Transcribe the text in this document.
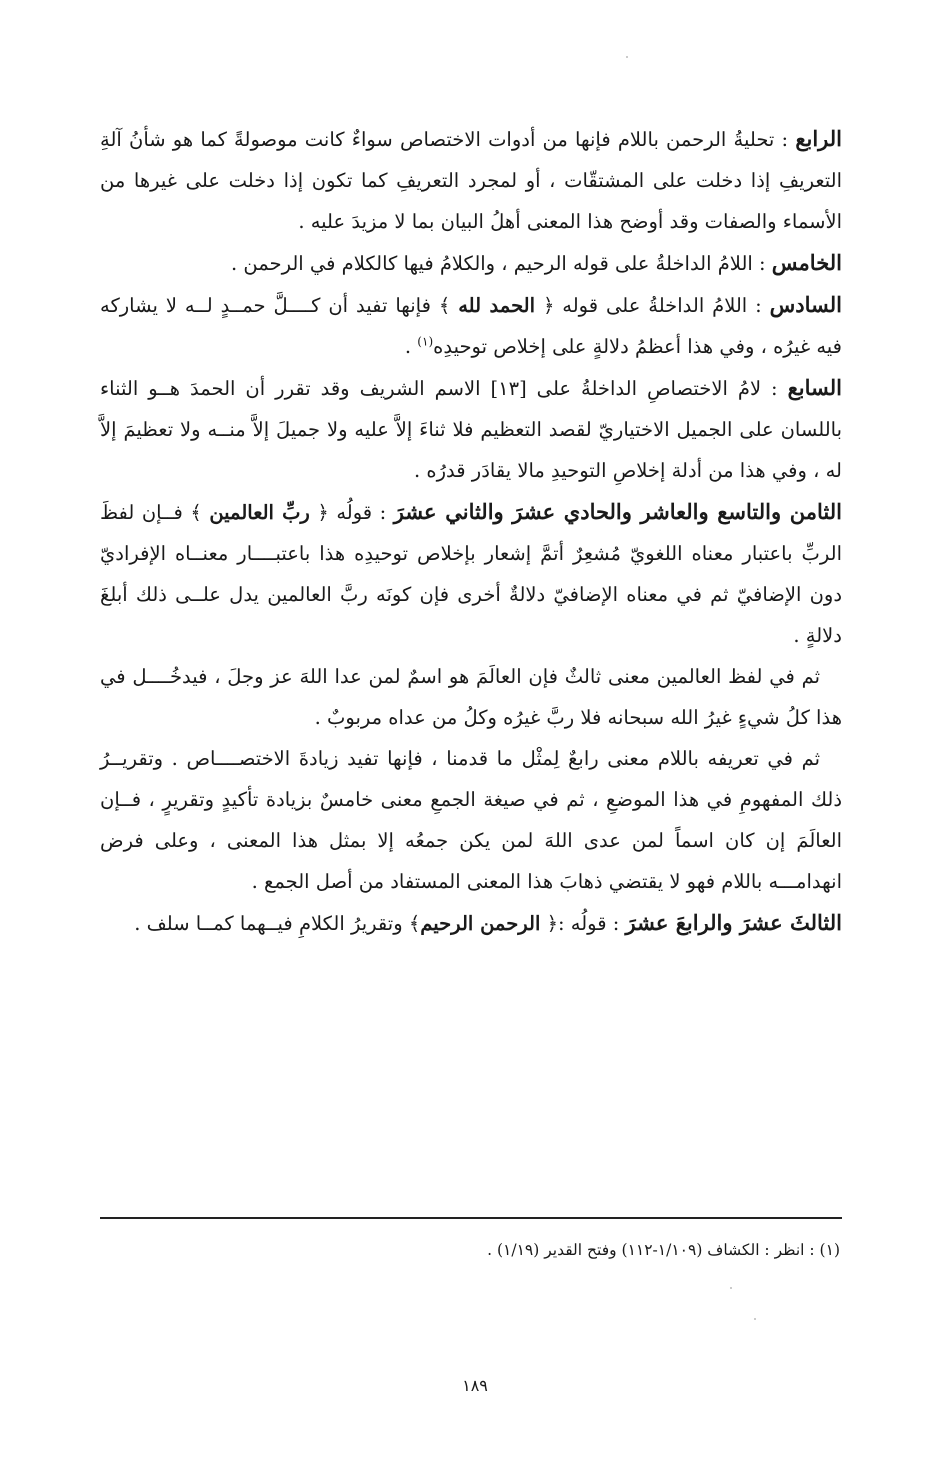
الرابع : تحليةُ الرحمن باللام فإنها من أدوات الاختصاص سواءٌ كانت موصولةً كما هو شأنُ آلةِ التعريفِ إذا دخلت على المشتقّات ، أو لمجرد التعريفِ كما تكون إذا دخلت على غيرها من الأسماء والصفات وقد أوضح هذا المعنى أهلُ البيان بما لا مزيدَ عليه .

الخامس : اللامُ الداخلةُ على قوله الرحيم ، والكلامُ فيها كالكلام في الرحمن .

السادس : اللامُ الداخلةُ على قوله ﴿ الحمد لله ﴾ فإنها تفيد أن كــــلَّ حمــدٍ لــه لا يشاركه فيه غيرُه ، وفي هذا أعظمُ دلالةٍ على إخلاص توحيدِه$^{(١)}$ .

السابع : لامُ الاختصاصِ الداخلةُ على [١٣] الاسم الشريف وقد تقرر أن الحمدَ هــو الثناء باللسان على الجميل الاختياريّ لقصد التعظيم فلا ثناءَ إلاَّ عليه ولا جميلَ إلاَّ منــه ولا تعظيمَ إلاَّ له ، وفي هذا من أدلة إخلاصِ التوحيدِ مالا يقادَر قدرُه .

الثامن والتاسع والعاشر والحادي عشرَ والثاني عشرَ : قولُه ﴿ ربِّ العالمين ﴾ فــإن لفظَ الربِّ باعتبار معناه اللغويّ مُشعِرٌ أتمَّ إشعار بإخلاص توحيدِه هذا باعتبــــار معنــاه الإفراديّ دون الإضافيّ ثم في معناه الإضافيّ دلالةٌ أخرى فإن كونَه ربَّ العالمين يدل علــى ذلك أبلغَ دلالةٍ .

ثم في لفظ العالمين معنى ثالثٌ فإن العالَمَ هو اسمٌ لمن عدا اللهَ عز وجلَ ، فيدخُــــل في هذا كلُ شيءٍ غيرُ الله سبحانه فلا ربَّ غيرُه وكلُ من عداه مربوبٌ .

ثم في تعريفه باللام معنى رابعٌ لِمثْل ما قدمنا ، فإنها تفيد زيادةَ الاختصــــاص . وتقريــرُ ذلك المفهومِ في هذا الموضعِ ، ثم في صيغة الجمعِ معنى خامسٌ بزيادة تأكيدٍ وتقريرٍ ، فــإن العالَمَ إن كان اسماً لمن عدى اللهَ لمن يكن جمعُه إلا بمثل هذا المعنى ، وعلى فرض انهدامـــه باللام فهو لا يقتضي ذهابَ هذا المعنى المستفاد من أصل الجمع .

الثالثَ عشرَ والرابعَ عشرَ : قولُه :﴿ الرحمن الرحيم﴾ وتقريرُ الكلامِ فيــهما كمــا سلف .

(١) : انظر : الكشاف (١/١٠٩-١١٢) وفتح القدير (١/١٩) .
١٨٩
